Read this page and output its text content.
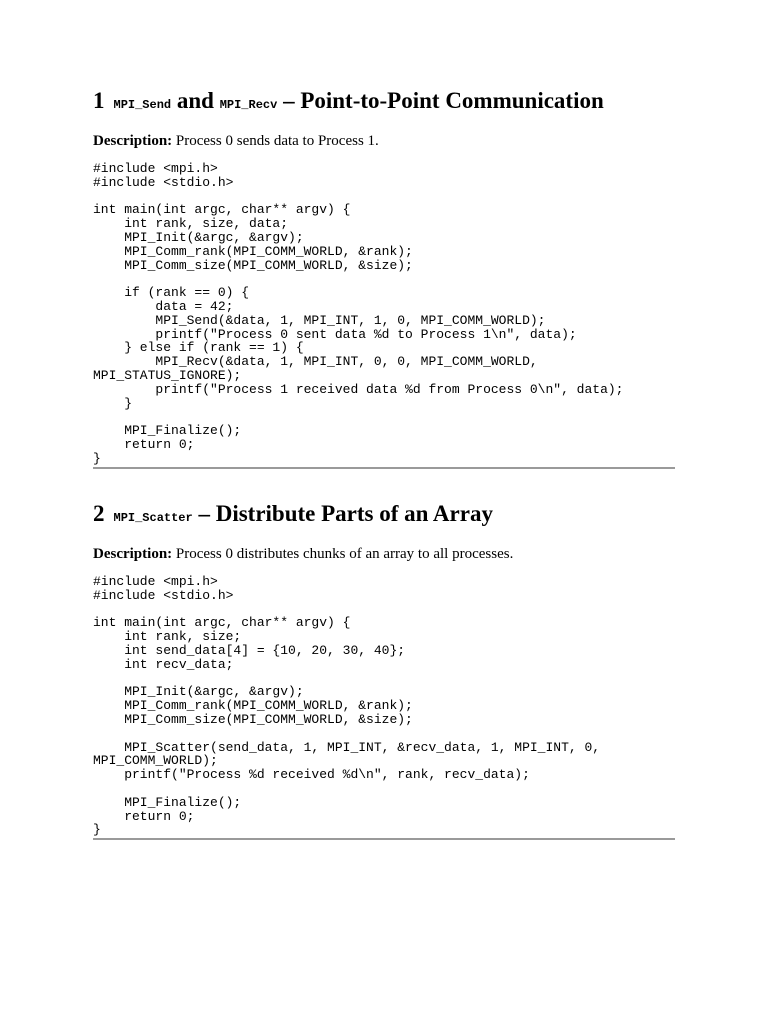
1 MPI_Send and MPI_Recv – Point-to-Point Communication

Description: Process 0 sends data to Process 1.

#include <mpi.h>
#include <stdio.h>

int main(int argc, char** argv) {
int rank, size, data;
MPI_Init(&argc, &argv);
MPI_Comm_rank(MPI_COMM_WORLD, &rank);
MPI_Comm_size(MPI_COMM_WORLD, &size);

if (rank == 0) {
data = 42;
MPI_Send(&data, 1, MPI_INT, 1, 0, MPI_COMM_WORLD);
printf("Process 0 sent data %d to Process 1\n", data);
} else if (rank == 1) {
MPI_Recv(&data, 1, MPI_INT, 0, 0, MPI_COMM_WORLD,
MPI_STATUS_IGNORE);
printf("Process 1 received data %d from Process 0\n", data);
}

MPI_Finalize();
return 0;
}
2 MPI_Scatter – Distribute Parts of an Array

Description: Process 0 distributes chunks of an array to all processes.

#include <mpi.h>
#include <stdio.h>

int main(int argc, char** argv) {
int rank, size;
int send_data[4] = {10, 20, 30, 40};
int recv_data;

MPI_Init(&argc, &argv);
MPI_Comm_rank(MPI_COMM_WORLD, &rank);
MPI_Comm_size(MPI_COMM_WORLD, &size);

MPI_Scatter(send_data, 1, MPI_INT, &recv_data, 1, MPI_INT, 0,
MPI_COMM_WORLD);
printf("Process %d received %d\n", rank, recv_data);

MPI_Finalize();
return 0;
}
